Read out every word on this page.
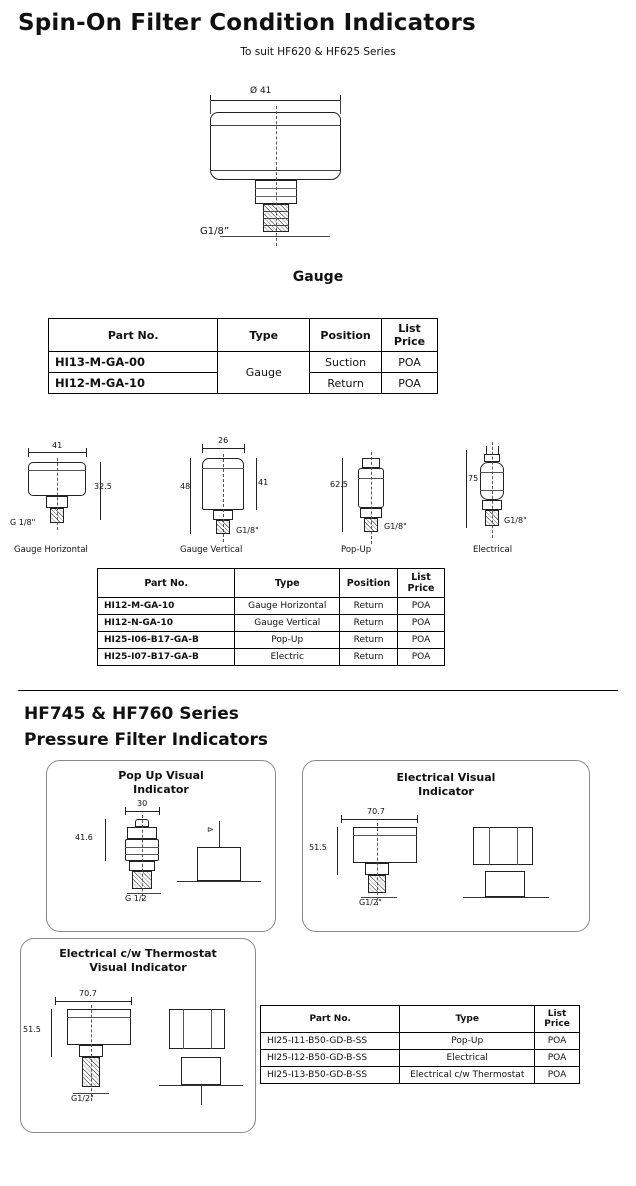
Spin-On Filter Condition Indicators
To suit HF620 & HF625 Series
Ø 41
G1/8”
Gauge
Part No.	Type	Position	List Price
HI13-M-GA-00	Gauge	Suction	POA
HI12-M-GA-10		Return	POA
41
32.5
G 1/8"
Gauge Horizontal
26
48	41
G1/8"
Gauge Vertical
62.5
G1/8"
Pop-Up
75
G1/8"
Electrical
Part No.	Type	Position	List Price
HI12-M-GA-10	Gauge Horizontal	Return	POA
HI12-N-GA-10	Gauge Vertical	Return	POA
HI25-I06-B17-GA-B	Pop-Up	Return	POA
HI25-I07-B17-GA-B	Electric	Return	POA
HF745 & HF760 Series
Pressure Filter Indicators
Pop Up Visual
Indicator
30
41.6
G 1/2
⊳
Electrical Visual
Indicator
70.7
51.5
G1/2"
Electrical c/w Thermostat
Visual Indicator
70.7
51.5
G1/2"
Part No.	Type	List Price
HI25-I11-B50-GD-B-SS	Pop-Up	POA
HI25-I12-B50-GD-B-SS	Electrical	POA
HI25-I13-B50-GD-B-SS	Electrical c/w Thermostat	POA
